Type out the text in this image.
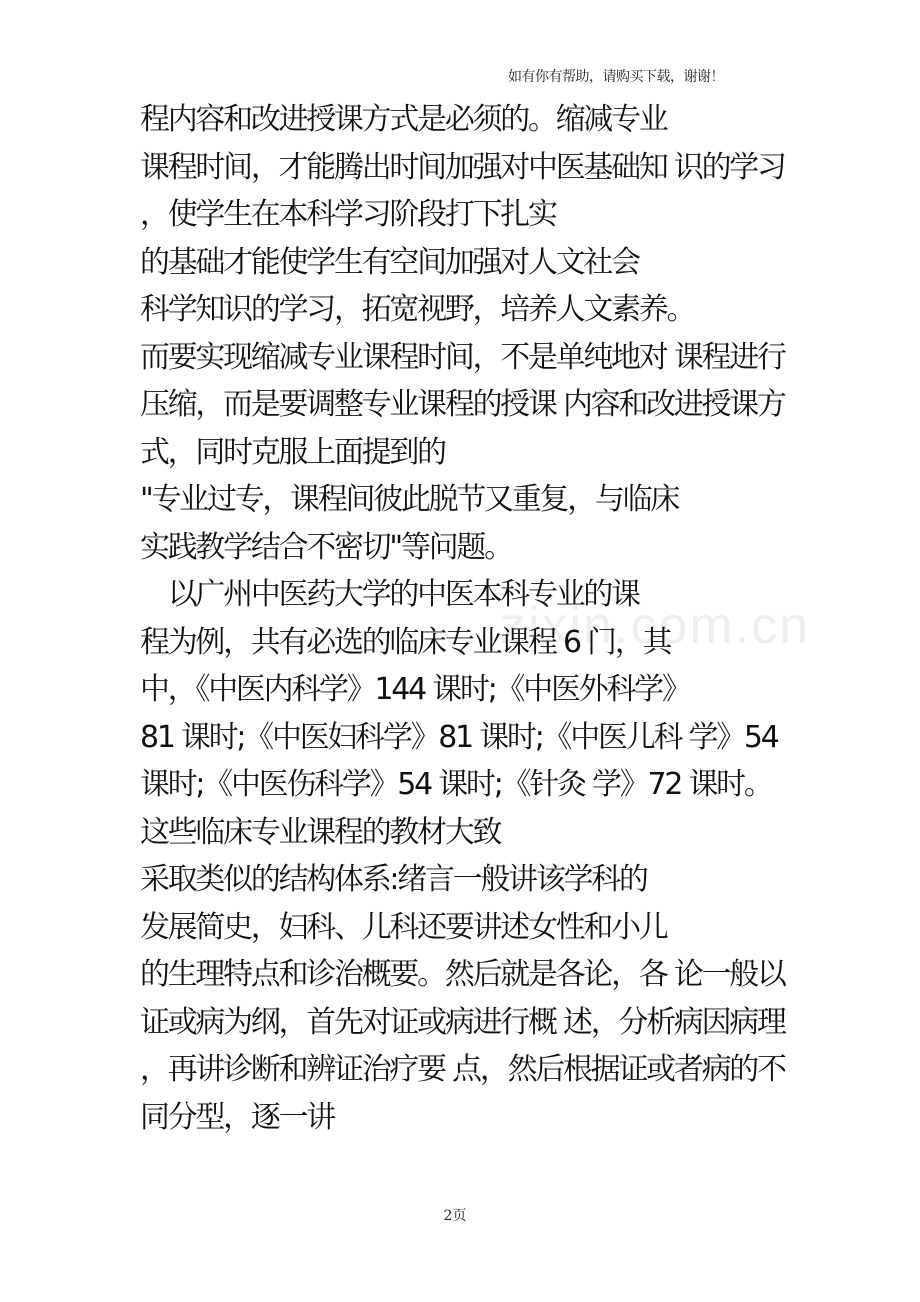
如有你有帮助，请购买下载，谢谢！
zixin.com.cn
程内容和改进授课方式是必须的。缩减专业
课程时间，才能腾出时间加强对中医基础知 识的学习
，使学生在本科学习阶段打下扎实
的基础才能使学生有空间加强对人文社会
科学知识的学习，拓宽视野，培养人文素养。
而要实现缩减专业课程时间，不是单纯地对 课程进行
压缩，而是要调整专业课程的授课 内容和改进授课方
式，同时克服上面提到的
"专业过专，课程间彼此脱节又重复，与临床
实践教学结合不密切"等问题。
　以广州中医药大学的中医本科专业的课
程为例，共有必选的临床专业课程 6 门，其
中，《中医内科学》144 课时;《中医外科学》
81 课时;《中医妇科学》81 课时;《中医儿科 学》54
课时;《中医伤科学》54 课时;《针灸 学》72 课时。
这些临床专业课程的教材大致
采取类似的结构体系:绪言一般讲该学科的
发展简史，妇科、儿科还要讲述女性和小儿
的生理特点和诊治概要。然后就是各论，各 论一般以
证或病为纲，首先对证或病进行概 述，分析病因病理
，再讲诊断和辨证治疗要 点，然后根据证或者病的不
同分型，逐一讲
2页
